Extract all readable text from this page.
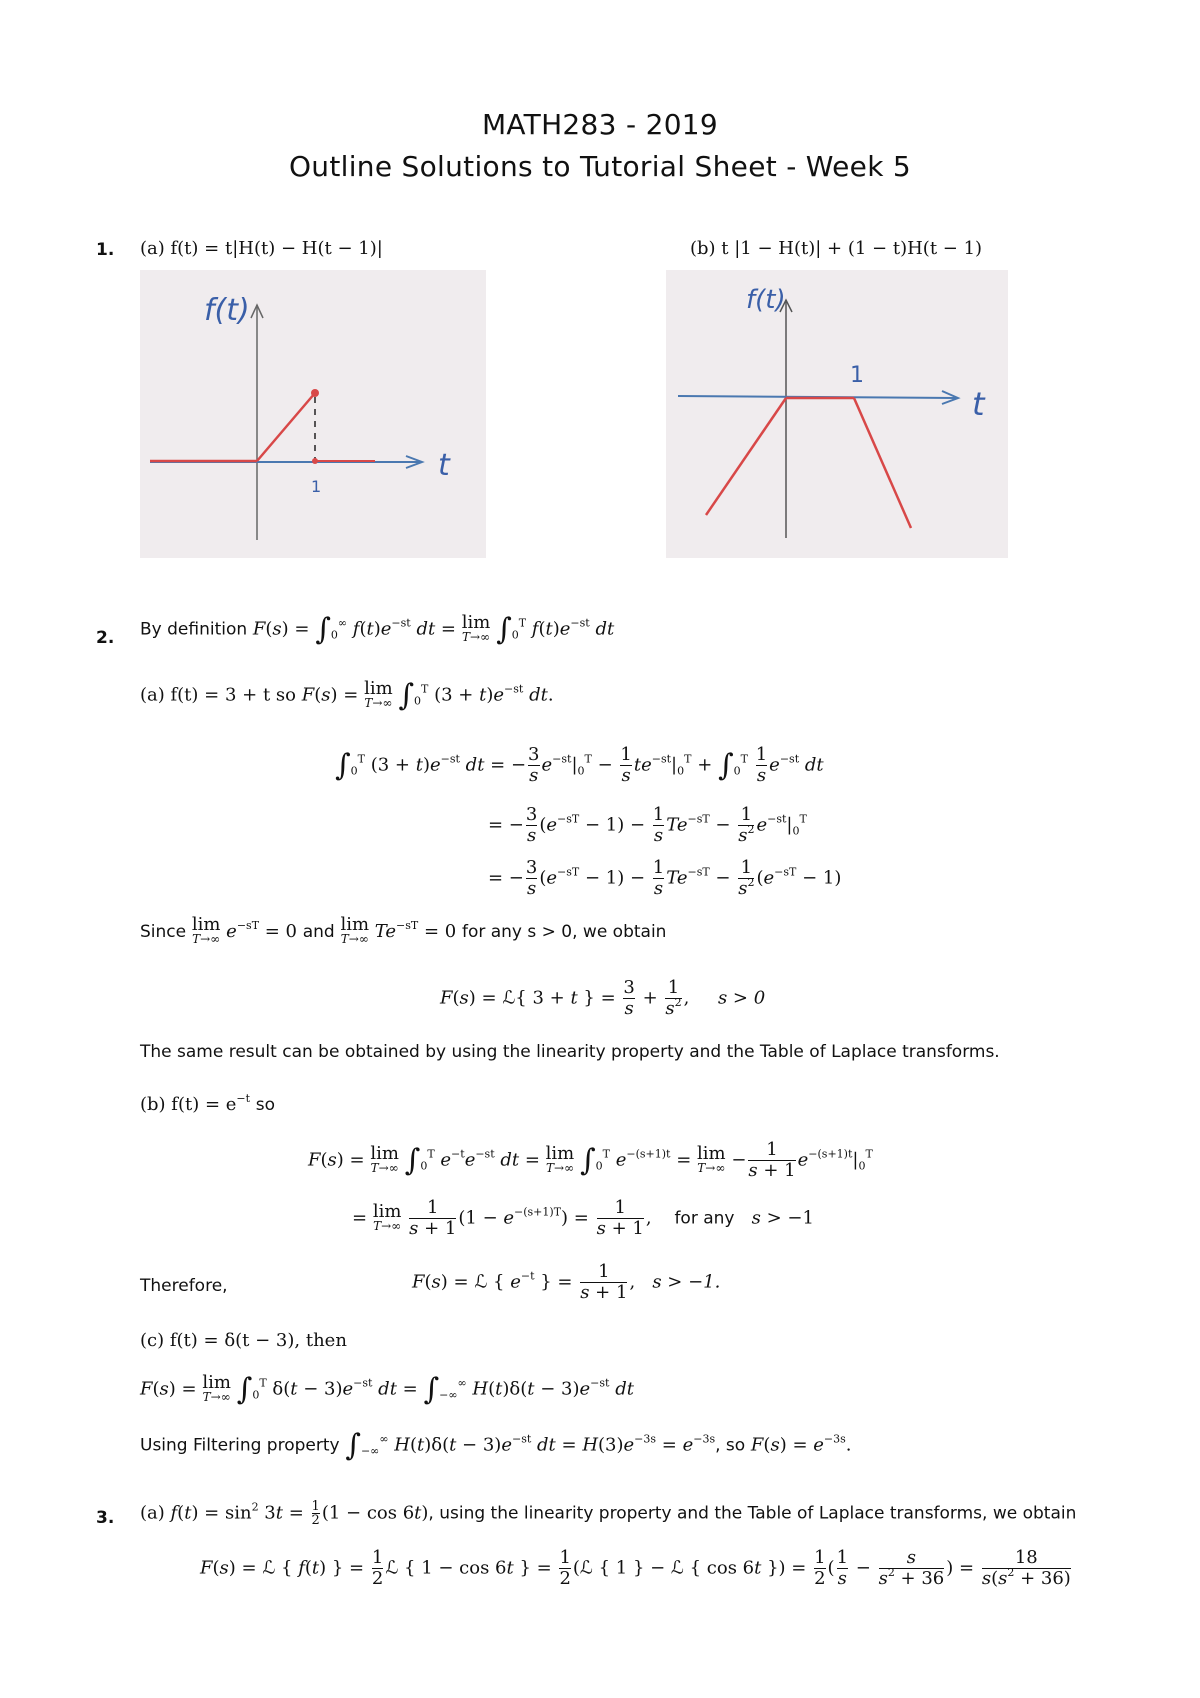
MATH283 - 2019
Outline Solutions to Tutorial Sheet - Week 5
1. (a) f(t) = t|H(t) − H(t − 1)|	(b) t |1 − H(t)| + (1 − t)H(t − 1)
f(t)
t
1
f(t)
t
1
2. By definition $F(s) = \int_0^\infty$ $f(t)e^{-st}$ dt = lim
T→∞ $\int_0^T$ $f(t)e^{-st}$ dt
(a) f(t) = 3 + t so F(s) = lim
T→∞ $\int_0^T$ $(3 + t)e^{-st}$ dt.
$\int_0^T$ $(3 + t)e^{-st}$ dt = − $\frac{3}{s} e^{-st}|_0^T - \frac{1}{s} te^{-st}|_0^T + \int_0^T \frac{1}{s} e^{-st}$ dt
= − $\frac{3}{s} (e^{-sT} - 1) - \frac{1}{s} Te^{-sT} - \frac{1}{s^2} e^{-st}|_0^T$
= − $\frac{3}{s} (e^{-sT} - 1) - \frac{1}{s} Te^{-sT} - \frac{1}{s^2} (e^{-sT} - 1)$
Since lim
T→∞ $e^{-sT} = 0$ and lim
T→∞ $Te^{-sT} = 0$ for any s > 0, we obtain
F(s) = ℒ{ 3 + t } = $\frac{3}{s} + \frac{1}{s^2}$ ,     s > 0
The same result can be obtained by using the linearity property and the Table of Laplace transforms.
(b) $f(t) = e^{-t}$ so
F(s) = lim
T→∞ $\int_0^T$ $e^{-t}e^{-st}$ dt = lim
T→∞ $\int_0^T$ $e^{-(s+1)t} = \lim$
$T\to\infty - \frac{1}{s + 1} e^{-(s+1)t}|_0^T$
= lim
T→∞
$\frac{1}{s + 1} (1 - e^{-(s+1)T}) = \frac{1}{s + 1}$ ,    for any s > −1
Therefore,	F(s) = ℒ { $e^{-t}$ } = $\frac{1}{s + 1}$ ,   s > −1.
(c) f(t) = δ(t − 3), then
F(s) = lim
T→∞ $\int_0^T$ $\delta(t - 3)e^{-st}$ dt = $\int_{-\infty}^\infty$ $H(t)\delta(t - 3)e^{-st}$ dt
Using Filtering property $\int_{-\infty}^\infty$ $H(t)\delta(t - 3)e^{-st}$ dt = $H(3)e^{-3s} = e^{-3s}$, so $F(s) = e^{-3s}$.
3. (a) $f(t) = \sin^2 3t = \frac{1}{2} (1 - \cos 6t)$, using the linearity property and the Table of Laplace transforms, we obtain
F(s) = ℒ { f(t) } = $\frac{1}{2}$ ℒ { 1 − cos 6t } = $\frac{1}{2}$ (ℒ { 1 } − ℒ { cos 6t }) = $\frac{1}{2}$ ( $\frac{1}{s} - \frac{s}{s^2 + 36}$ ) = $\frac{18}{s(s^2 + 36)}$
